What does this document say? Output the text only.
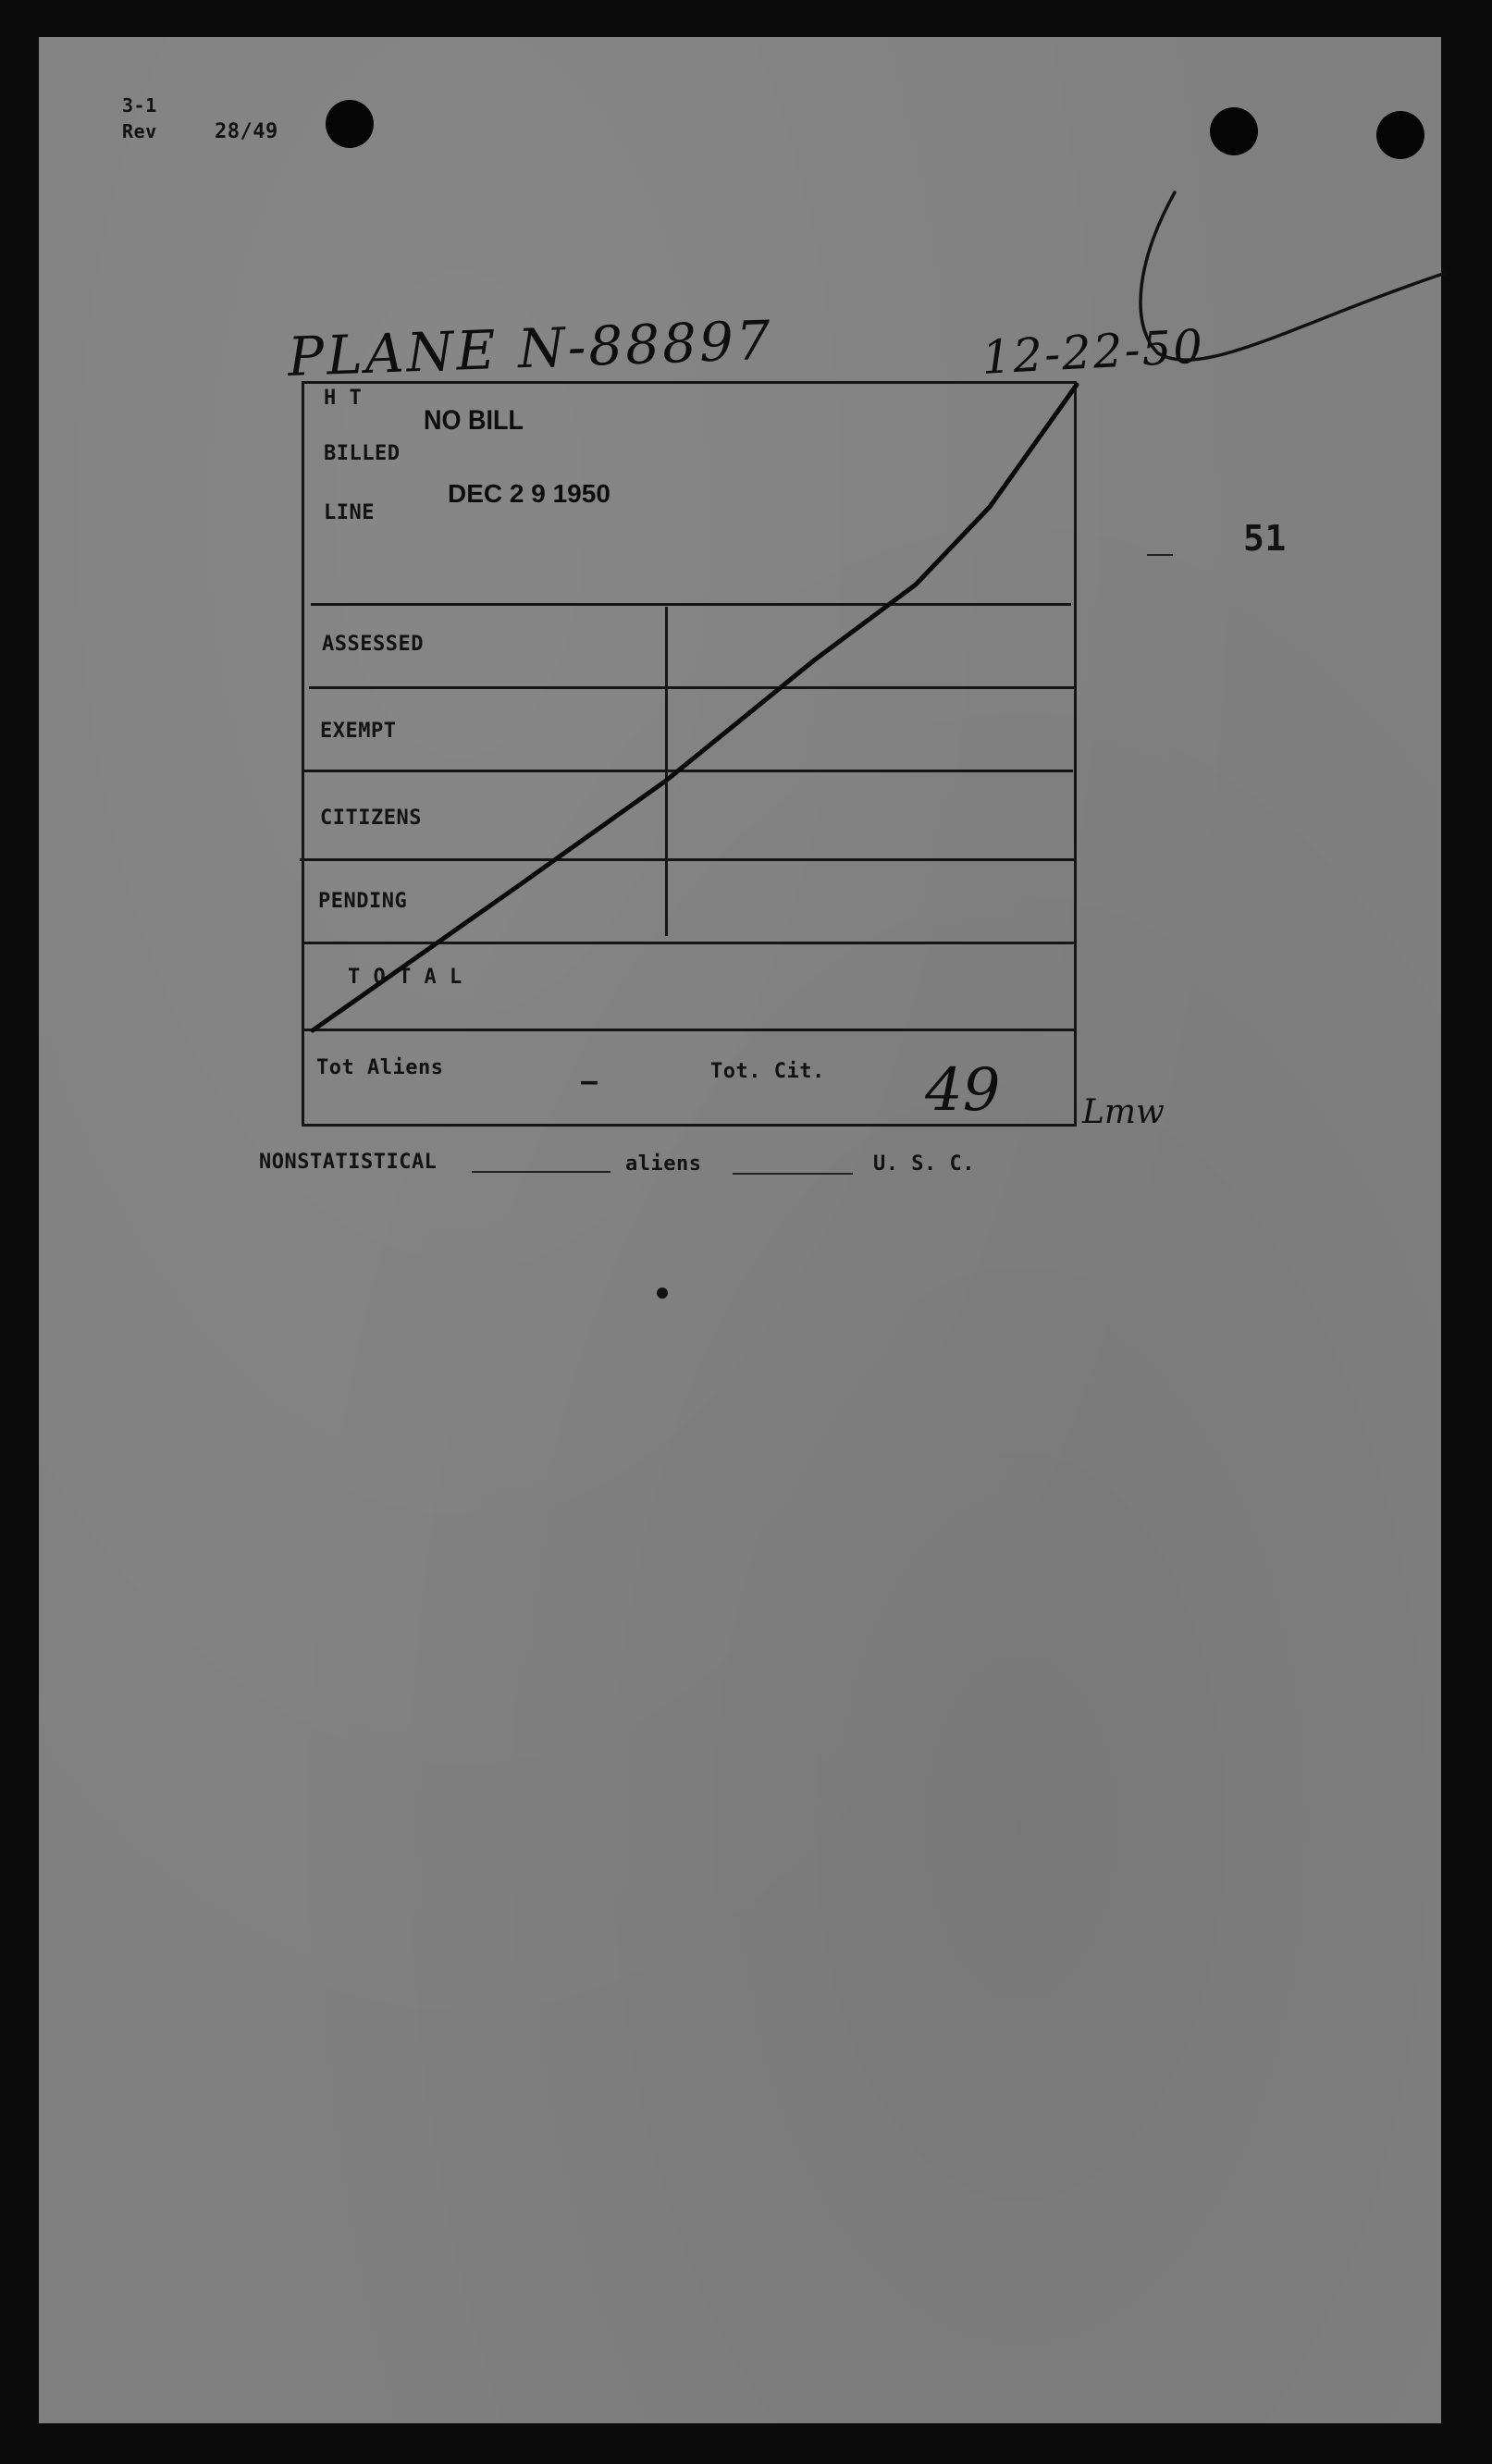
3-1
Rev	28/49
PLANE N-88897	12-22-50
51
H T
BILLED
LINE
ASSESSED
EXEMPT
CITIZENS
PENDING
T O T A L
Tot Aliens	—	Tot. Cit. 49 Lmw
NO BILL
DEC 2 9 1950
NONSTATISTICAL	aliens	U. S. C.
